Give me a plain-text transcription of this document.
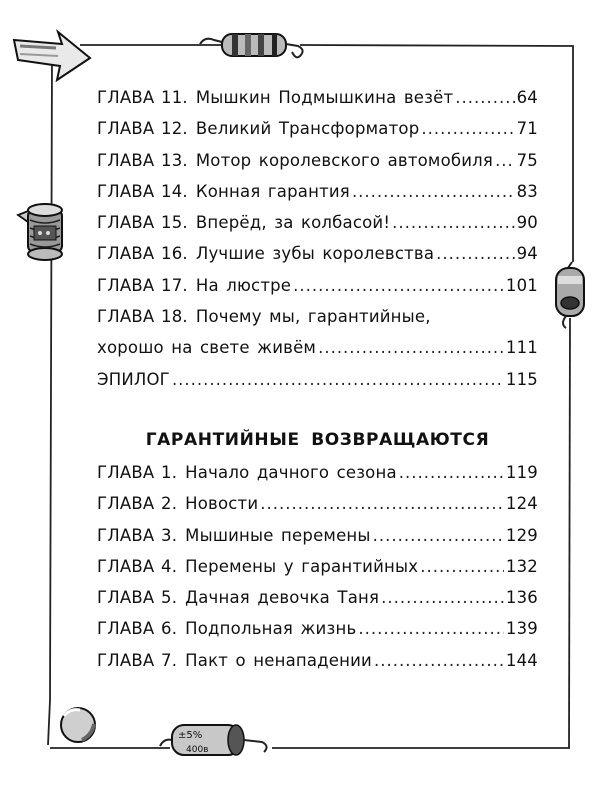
±5%
400в
ГЛАВА 11. Мышкин Подмышкина везёт .....	64
ГЛАВА 12. Великий Трансформатор .....	71
ГЛАВА 13. Мотор королевского автомобиля ..... 75
ГЛАВА 14. Конная гарантия .....	83
ГЛАВА 15. Вперёд, за колбасой! .....	90
ГЛАВА 16. Лучшие зубы королевства .....	94
ГЛАВА 17. На люстре .....	101
ГЛАВА 18. Почему мы, гарантийные,
хорошо на свете живём .....	111
ЭПИЛОГ .....	115
ГАРАНТИЙНЫЕ ВОЗВРАЩАЮТСЯ
ГЛАВА 1. Начало дачного сезона .....	119
ГЛАВА 2. Новости .....	124
ГЛАВА 3. Мышиные перемены .....	129
ГЛАВА 4. Перемены у гарантийных .....	132
ГЛАВА 5. Дачная девочка Таня .....	136
ГЛАВА 6. Подпольная жизнь .....	139
ГЛАВА 7. Пакт о ненападении .....	144
